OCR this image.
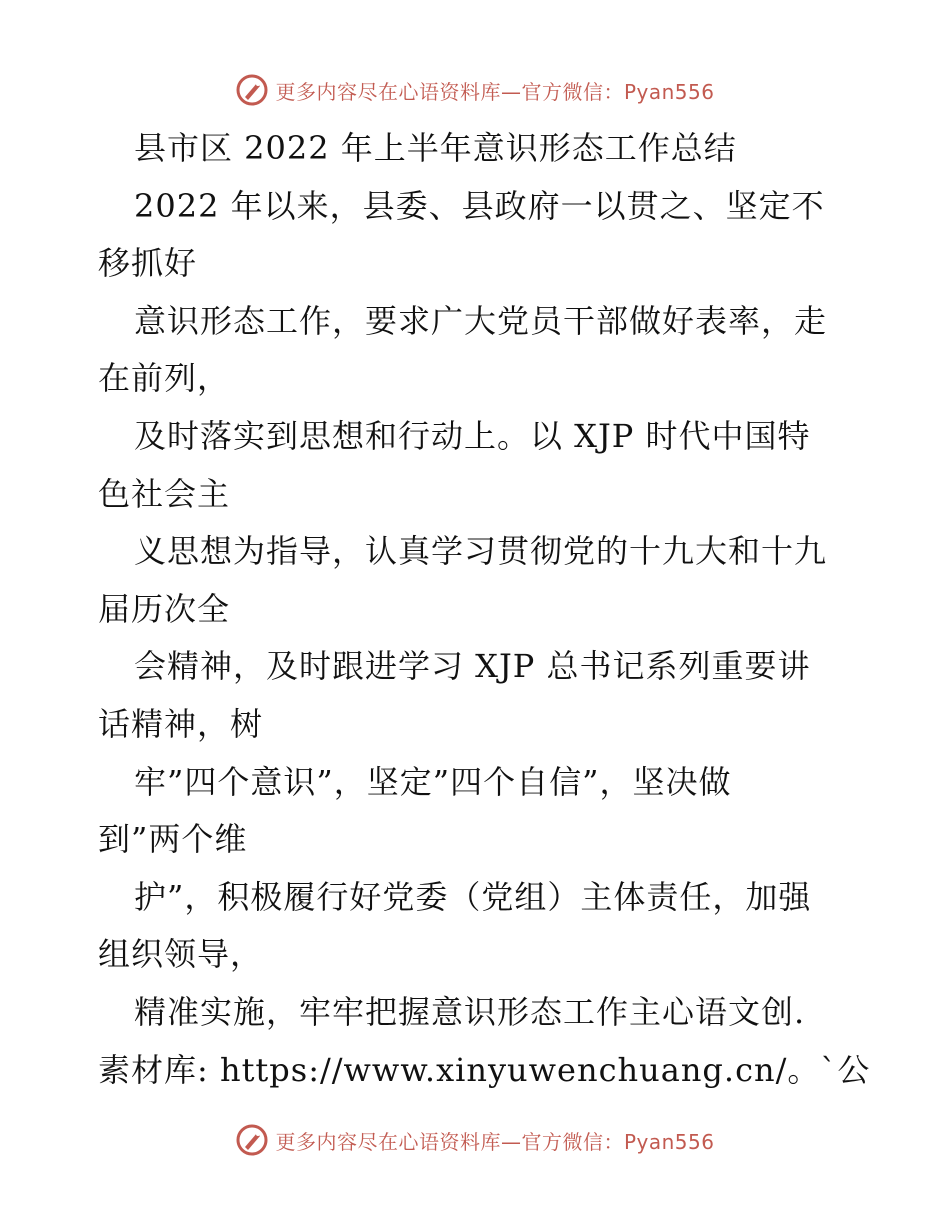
更多内容尽在心语资料库—官方微信：Pyan556
县市区 2022 年上半年意识形态工作总结
2022 年以来，县委、县政府一以贯之、坚定不
移抓好
意识形态工作，要求广大党员干部做好表率，走
在前列，
及时落实到思想和行动上。以 XJP 时代中国特
色社会主
义思想为指导，认真学习贯彻党的十九大和十九
届历次全
会精神，及时跟进学习 XJP 总书记系列重要讲
话精神，树
牢”四个意识”，坚定”四个自信”，坚决做
到”两个维
护”，积极履行好党委（党组）主体责任，加强
组织领导，
精准实施，牢牢把握意识形态工作主心语文创.
素材库: https://www.xinyuwenchuang.cn/。`公
更多内容尽在心语资料库—官方微信：Pyan556
